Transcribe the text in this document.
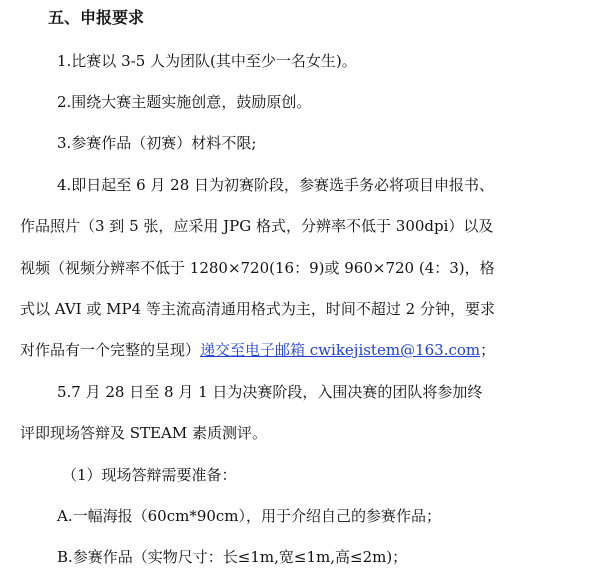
五、申报要求
1.比赛以 3-5 人为团队(其中至少一名女生)。
2.围绕大赛主题实施创意，鼓励原创。
3.参赛作品（初赛）材料不限;
4.即日起至 6 月 28 日为初赛阶段，参赛选手务必将项目申报书、
作品照片（3 到 5 张，应采用 JPG 格式，分辨率不低于 300dpi）以及
视频（视频分辨率不低于 1280×720(16：9)或 960×720 (4：3)，格
式以 AVI 或 MP4 等主流高清通用格式为主，时间不超过 2 分钟，要求
对作品有一个完整的呈现）递交至电子邮箱 cwikejistem@163.com；
5.7 月 28 日至 8 月 1 日为决赛阶段，入围决赛的团队将参加终
评即现场答辩及 STEAM 素质测评。
（1）现场答辩需要准备：
A.一幅海报（60cm*90cm），用于介绍自己的参赛作品；
B.参赛作品（实物尺寸：长≤1m,宽≤1m,高≤2m)；
